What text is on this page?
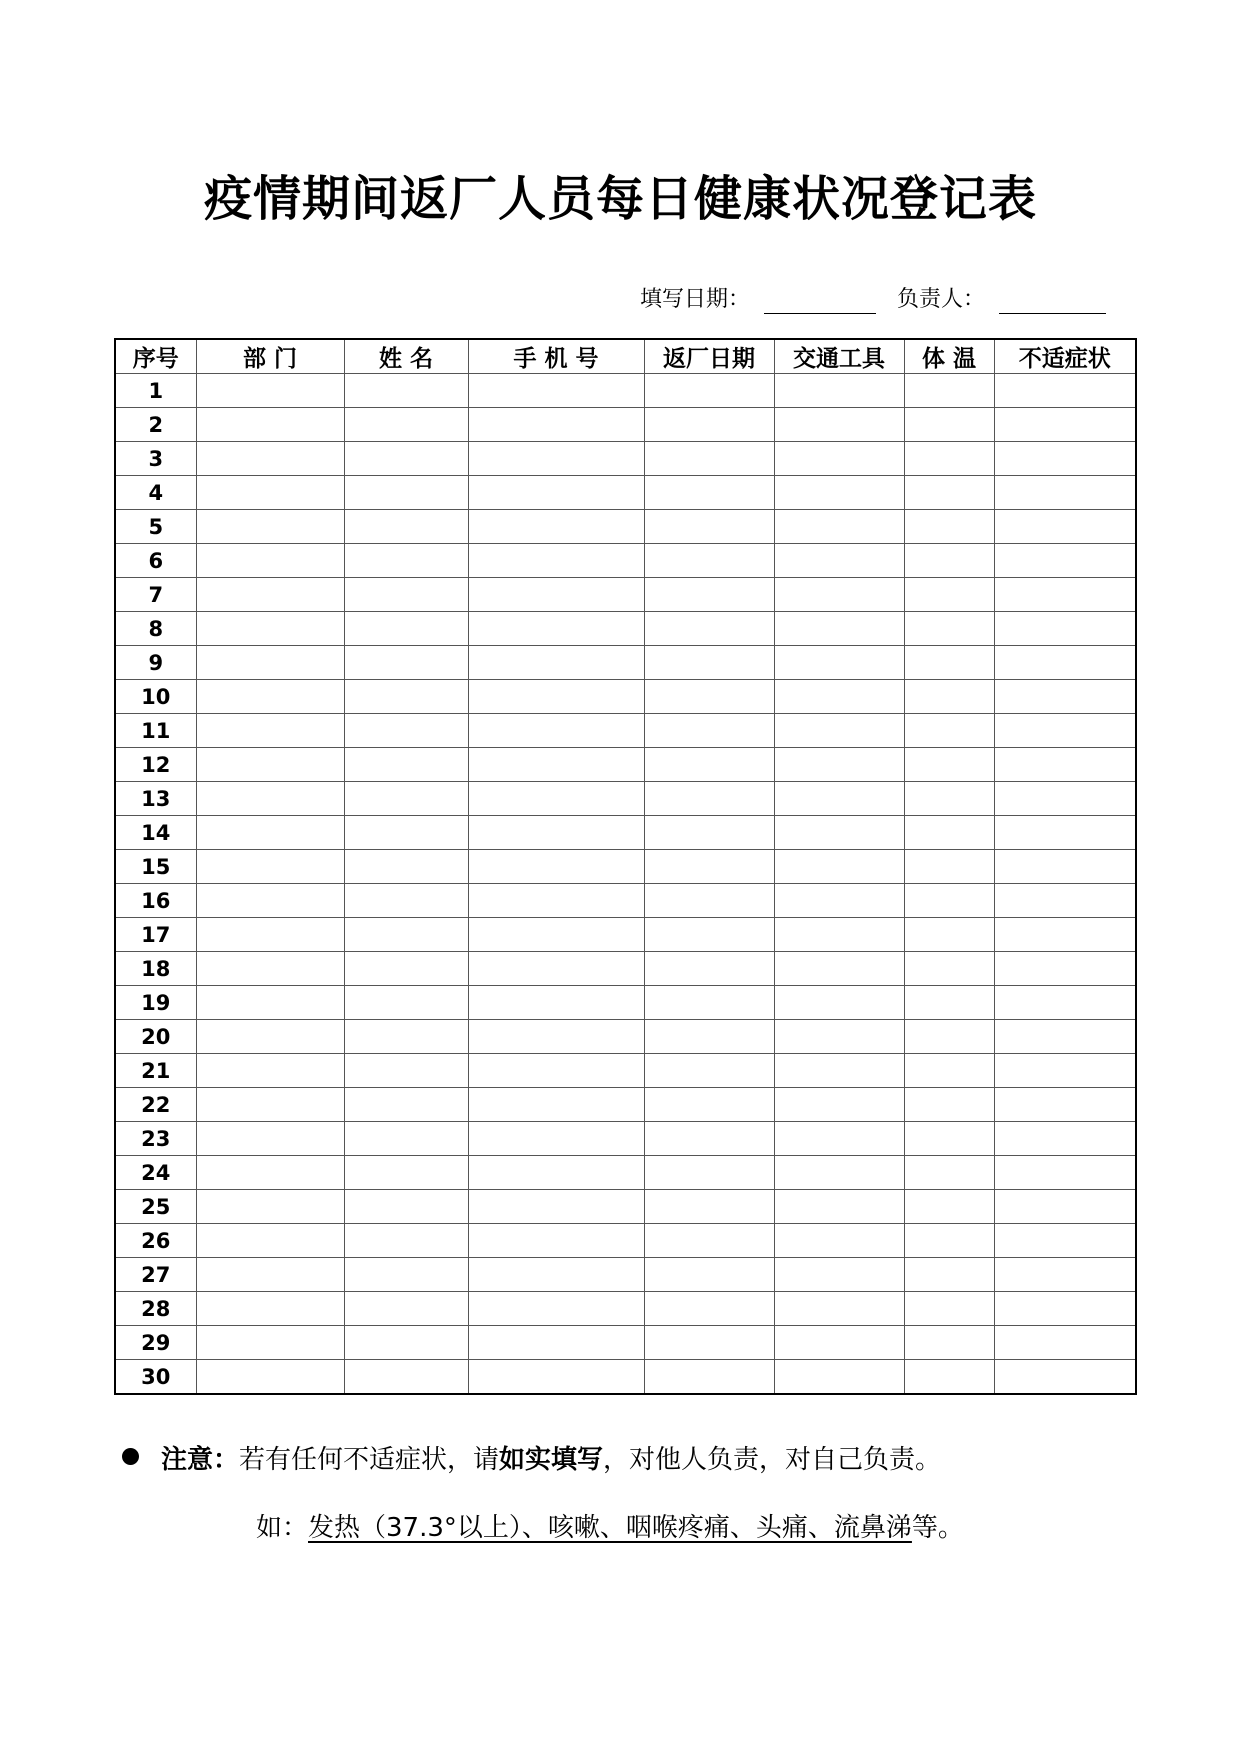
疫情期间返厂人员每日健康状况登记表
填写日期：	负责人：
序号	部 门	姓 名	手 机 号	返厂日期	交通工具	体 温	不适症状
1							
2							
3							
4							
5							
6							
7							
8							
9							
10							
11							
12							
13							
14							
15							
16							
17							
18							
19							
20							
21							
22							
23							
24							
25							
26							
27							
28							
29							
30							
注意：若有任何不适症状，请如实填写，对他人负责，对自己负责。
如：发热（37.3°以上）、咳嗽、咽喉疼痛、头痛、流鼻涕等。
